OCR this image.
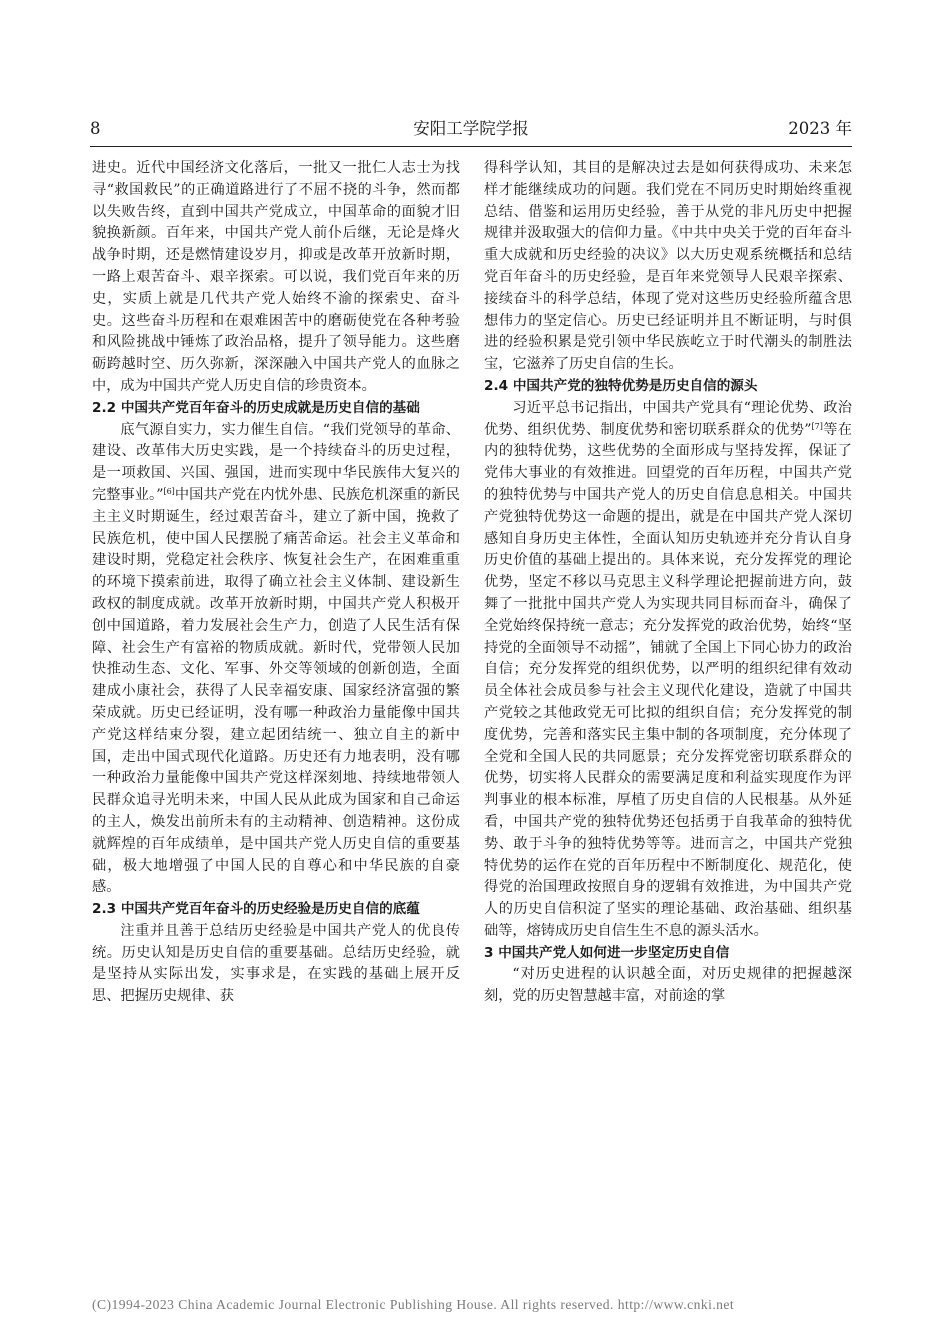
8	安阳工学院学报	2023 年

进史。近代中国经济文化落后，一批又一批仁人志士为找寻“救国救民”的正确道路进行了不屈不挠的斗争，然而都以失败告终，直到中国共产党成立，中国革命的面貌才旧貌换新颜。百年来，中国共产党人前仆后继，无论是烽火战争时期，还是燃情建设岁月，抑或是改革开放新时期，一路上艰苦奋斗、艰辛探索。可以说，我们党百年来的历史，实质上就是几代共产党人始终不渝的探索史、奋斗史。这些奋斗历程和在艰难困苦中的磨砺使党在各种考验和风险挑战中锤炼了政治品格，提升了领导能力。这些磨砺跨越时空、历久弥新，深深融入中国共产党人的血脉之中，成为中国共产党人历史自信的珍贵资本。

2.2 中国共产党百年奋斗的历史成就是历史自信的基础

底气源自实力，实力催生自信。“我们党领导的革命、建设、改革伟大历史实践，是一个持续奋斗的历史过程，是一项救国、兴国、强国，进而实现中华民族伟大复兴的完整事业。”[6]中国共产党在内忧外患、民族危机深重的新民主主义时期诞生，经过艰苦奋斗，建立了新中国，挽救了民族危机，使中国人民摆脱了痛苦命运。社会主义革命和建设时期，党稳定社会秩序、恢复社会生产，在困难重重的环境下摸索前进，取得了确立社会主义体制、建设新生政权的制度成就。改革开放新时期，中国共产党人积极开创中国道路，着力发展社会生产力，创造了人民生活有保障、社会生产有富裕的物质成就。新时代，党带领人民加快推动生态、文化、军事、外交等领域的创新创造，全面建成小康社会，获得了人民幸福安康、国家经济富强的繁荣成就。历史已经证明，没有哪一种政治力量能像中国共产党这样结束分裂，建立起团结统一、独立自主的新中国，走出中国式现代化道路。历史还有力地表明，没有哪一种政治力量能像中国共产党这样深刻地、持续地带领人民群众追寻光明未来，中国人民从此成为国家和自己命运的主人，焕发出前所未有的主动精神、创造精神。这份成就辉煌的百年成绩单，是中国共产党人历史自信的重要基础，极大地增强了中国人民的自尊心和中华民族的自豪感。

2.3 中国共产党百年奋斗的历史经验是历史自信的底蕴

注重并且善于总结历史经验是中国共产党人的优良传统。历史认知是历史自信的重要基础。总结历史经验，就是坚持从实际出发，实事求是，在实践的基础上展开反思、把握历史规律、获

得科学认知，其目的是解决过去是如何获得成功、未来怎样才能继续成功的问题。我们党在不同历史时期始终重视总结、借鉴和运用历史经验，善于从党的非凡历史中把握规律并汲取强大的信仰力量。《中共中央关于党的百年奋斗重大成就和历史经验的决议》以大历史观系统概括和总结党百年奋斗的历史经验，是百年来党领导人民艰辛探索、接续奋斗的科学总结，体现了党对这些历史经验所蕴含思想伟力的坚定信心。历史已经证明并且不断证明，与时俱进的经验积累是党引领中华民族屹立于时代潮头的制胜法宝，它滋养了历史自信的生长。

2.4 中国共产党的独特优势是历史自信的源头

习近平总书记指出，中国共产党具有“理论优势、政治优势、组织优势、制度优势和密切联系群众的优势”[7]等在内的独特优势，这些优势的全面形成与坚持发挥，保证了党伟大事业的有效推进。回望党的百年历程，中国共产党的独特优势与中国共产党人的历史自信息息相关。中国共产党独特优势这一命题的提出，就是在中国共产党人深切感知自身历史主体性，全面认知历史轨迹并充分肯认自身历史价值的基础上提出的。具体来说，充分发挥党的理论优势，坚定不移以马克思主义科学理论把握前进方向，鼓舞了一批批中国共产党人为实现共同目标而奋斗，确保了全党始终保持统一意志；充分发挥党的政治优势，始终“坚持党的全面领导不动摇”，铺就了全国上下同心协力的政治自信；充分发挥党的组织优势，以严明的组织纪律有效动员全体社会成员参与社会主义现代化建设，造就了中国共产党较之其他政党无可比拟的组织自信；充分发挥党的制度优势，完善和落实民主集中制的各项制度，充分体现了全党和全国人民的共同愿景；充分发挥党密切联系群众的优势，切实将人民群众的需要满足度和利益实现度作为评判事业的根本标准，厚植了历史自信的人民根基。从外延看，中国共产党的独特优势还包括勇于自我革命的独特优势、敢于斗争的独特优势等等。进而言之，中国共产党独特优势的运作在党的百年历程中不断制度化、规范化，使得党的治国理政按照自身的逻辑有效推进，为中国共产党人的历史自信积淀了坚实的理论基础、政治基础、组织基础等，熔铸成历史自信生生不息的源头活水。

3 中国共产党人如何进一步坚定历史自信

“对历史进程的认识越全面，对历史规律的把握越深刻，党的历史智慧越丰富，对前途的掌

(C)1994-2023 China Academic Journal Electronic Publishing House. All rights reserved. http://www.cnki.net
